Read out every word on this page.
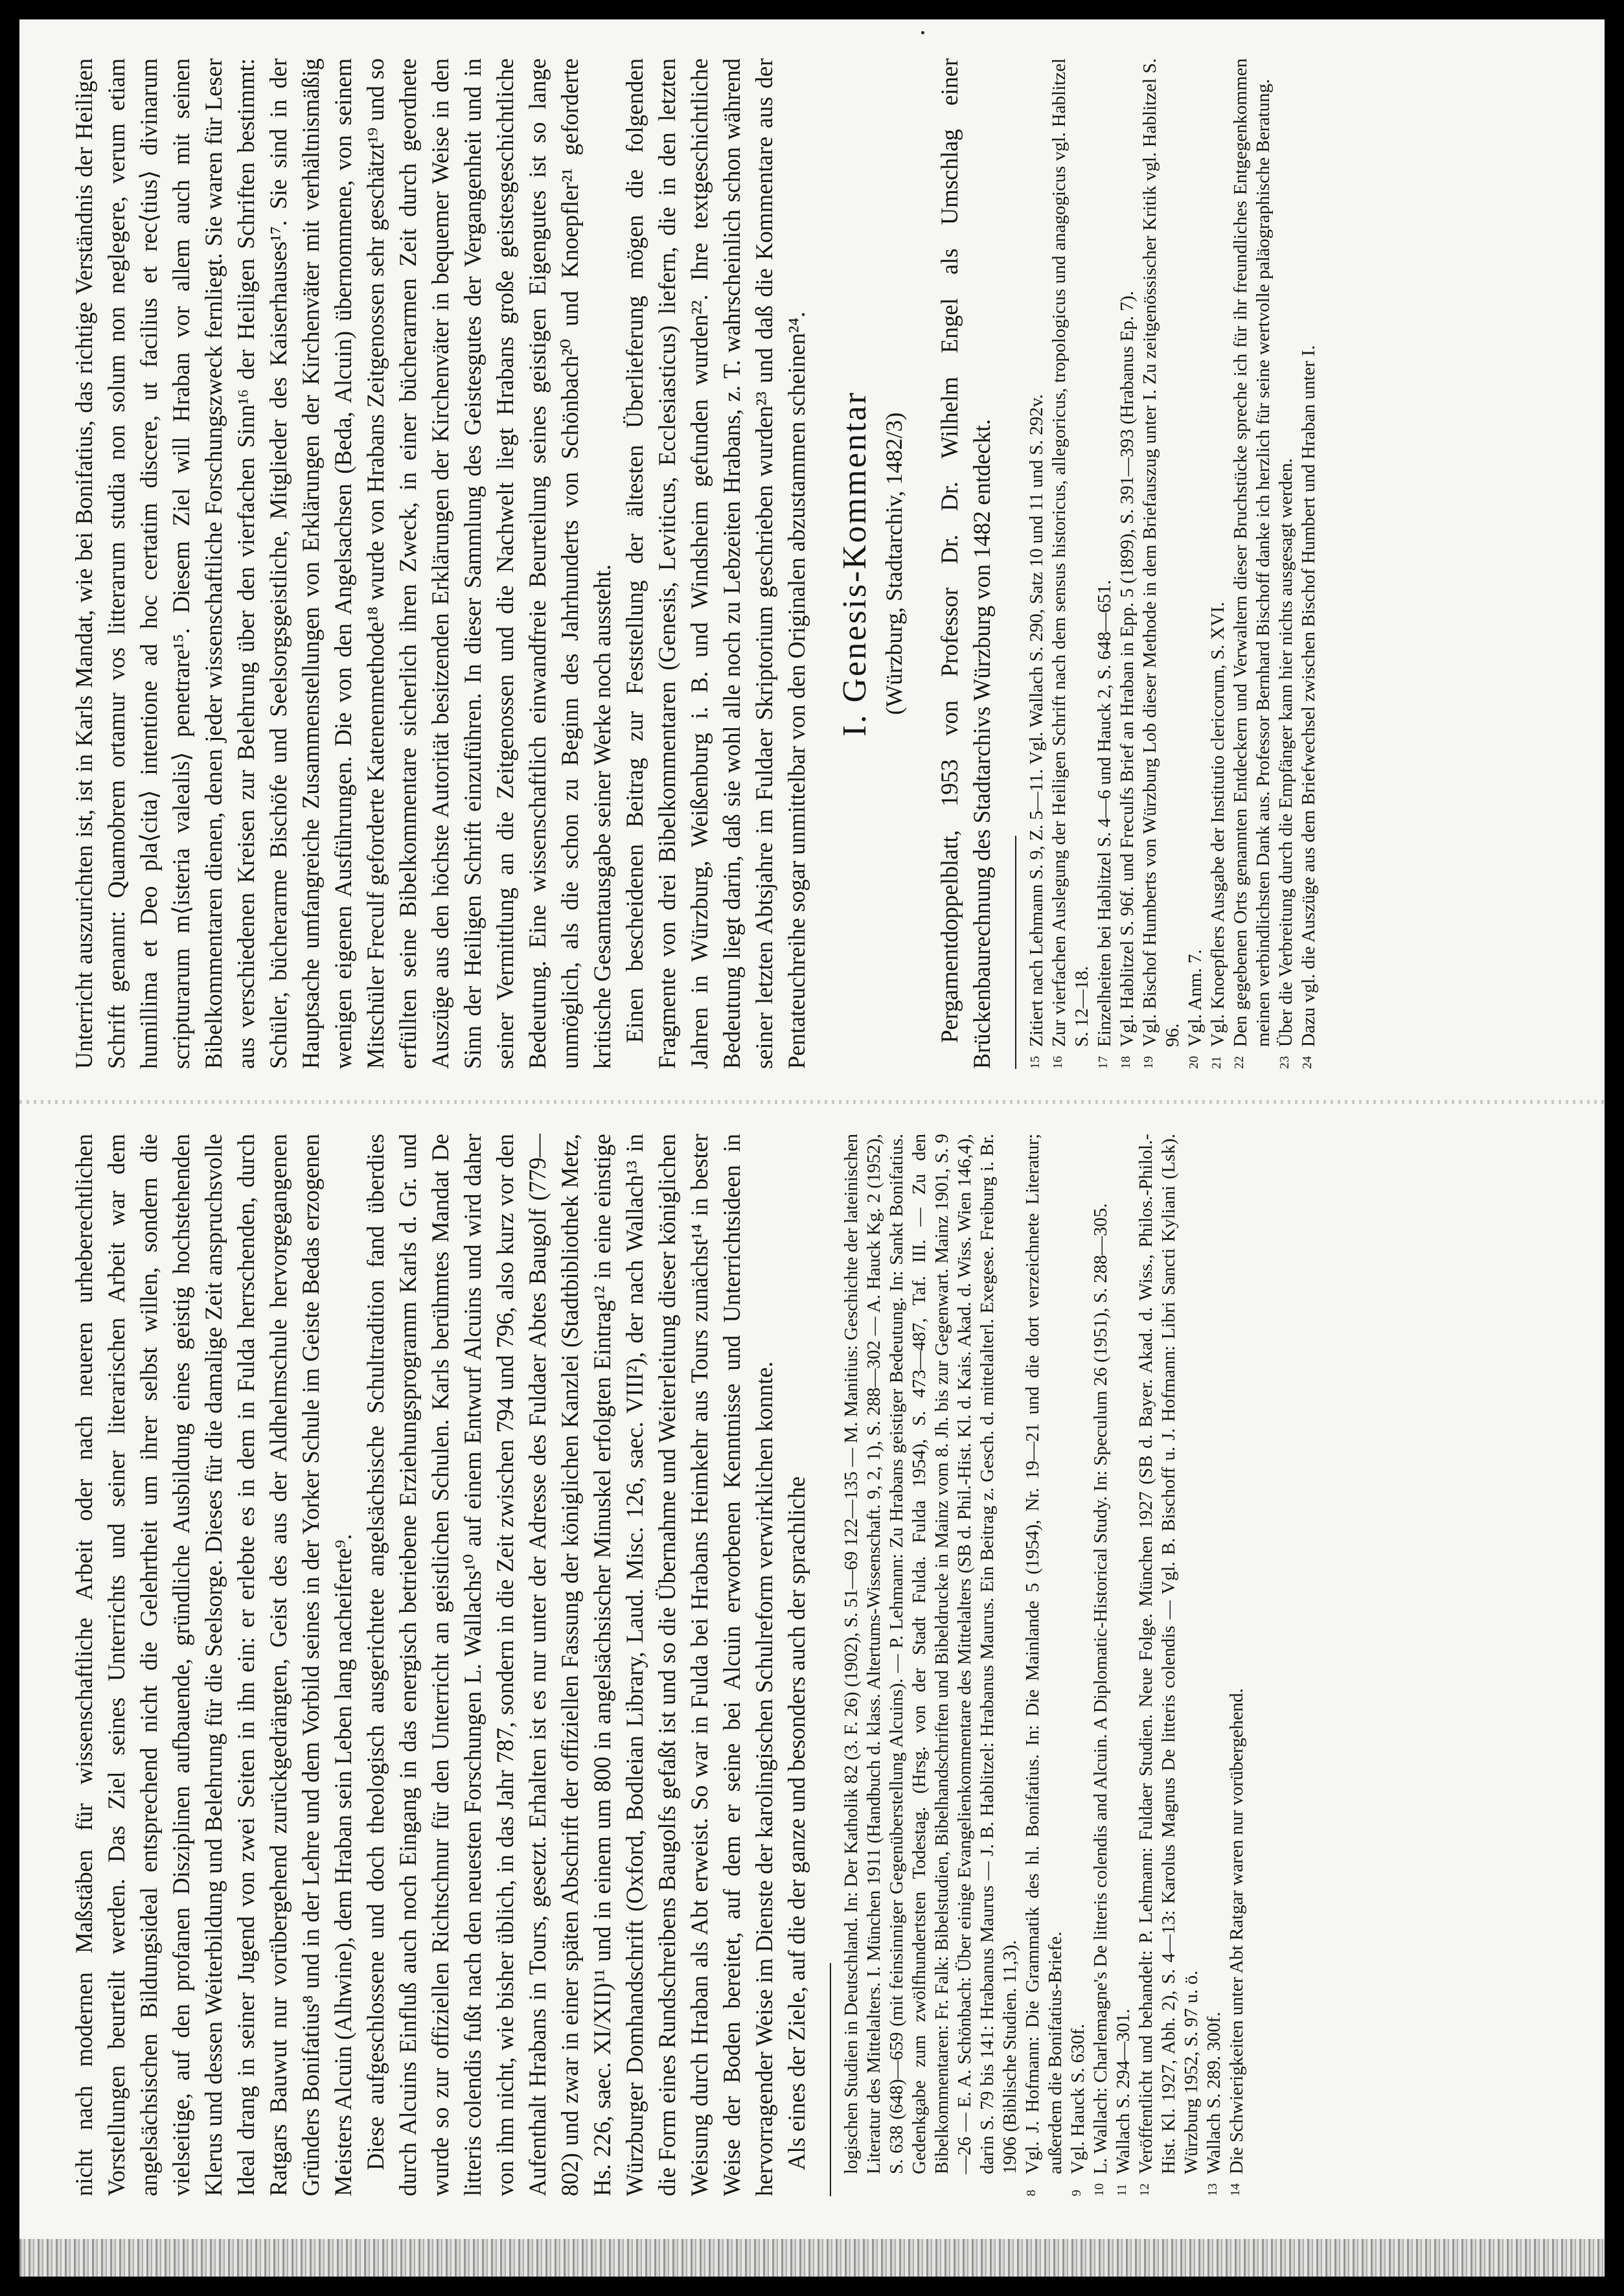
Unterricht auszurichten ist, ist in Karls Mandat, wie bei Bonifatius, das richtige Verständnis der Heiligen Schrift genannt: Quamobrem ortamur vos litterarum studia non solum non neglegere, verum etiam humillima et Deo pla⟨cita⟩ intentione ad hoc certatim discere, ut facilius et rec⟨tius⟩ divinarum scripturarum m⟨isteria valealis⟩ penetrare¹⁵. Diesem Ziel will Hraban vor allem auch mit seinen Bibelkommentaren dienen, denen jeder wissenschaftliche Forschungszweck fernliegt. Sie waren für Leser aus verschiedenen Kreisen zur Belehrung über den vierfachen Sinn¹⁶ der Heiligen Schriften bestimmt: Schüler, bücherarme Bischöfe und Seelsorgsgeistliche, Mitglieder des Kaiserhauses¹⁷. Sie sind in der Hauptsache umfangreiche Zusammenstellungen von Erklärungen der Kirchenväter mit verhältnismäßig wenigen eigenen Ausführungen. Die von den Angelsachsen (Beda, Alcuin) übernommene, von seinem Mitschüler Freculf geforderte Katenenmethode¹⁸ wurde von Hrabans Zeitgenossen sehr geschätzt¹⁹ und so erfüllten seine Bibelkommentare sicherlich ihren Zweck, in einer bücherarmen Zeit durch geordnete Auszüge aus den höchste Autorität besitzenden Erklärungen der Kirchenväter in bequemer Weise in den Sinn der Heiligen Schrift einzuführen. In dieser Sammlung des Geistesgutes der Vergangenheit und in seiner Vermittlung an die Zeitgenossen und die Nachwelt liegt Hrabans große geistesgeschichtliche Bedeutung. Eine wissenschaftlich einwandfreie Beurteilung seines geistigen Eigengutes ist so lange unmöglich, als die schon zu Beginn des Jahrhunderts von Schönbach²⁰ und Knoepfler²¹ geforderte kritische Gesamtausgabe seiner Werke noch aussteht. Einen bescheidenen Beitrag zur Feststellung der ältesten Überlieferung mögen die folgenden Fragmente von drei Bibelkommentaren (Genesis, Leviticus, Ecclesiasticus) liefern, die in den letzten Jahren in Würzburg, Weißenburg i. B. und Windsheim gefunden wurden²². Ihre textgeschichtliche Bedeutung liegt darin, daß sie wohl alle noch zu Lebzeiten Hrabans, z. T. wahrscheinlich schon während seiner letzten Abtsjahre im Fuldaer Skriptorium geschrieben wurden²³ und daß die Kommentare aus der Pentateuchreihe sogar unmittelbar von den Originalen abzustammen scheinen²⁴. I. Genesis-Kommentar (Würzburg, Stadtarchiv, 1482/3) Pergamentdoppelblatt, 1953 von Professor Dr. Dr. Wilhelm Engel als Umschlag einer Brückenbaurechnung des Stadtarchivs Würzburg von 1482 entdeckt.	15
Zitiert nach Lehmann S. 9, Z. 5—11. Vgl. Wallach S. 290, Satz 10 und 11 und S. 292v.
16
Zur vierfachen Auslegung der Heiligen Schrift nach dem sensus historicus, allegoricus, tropologicus und anagogicus vgl. Hablitzel S. 12—18.
17
Einzelheiten bei Hablitzel S. 4—6 und Hauck 2, S. 648—651.
18
Vgl. Hablitzel S. 96f. und Freculfs Brief an Hraban in Epp. 5 (1899), S. 391—393 (Hrabanus Ep. 7).
19
Vgl. Bischof Humberts von Würzburg Lob dieser Methode in dem Briefauszug unter I. Zu zeitgenössischer Kritik vgl. Hablitzel S. 96.
20
Vgl. Anm. 7.
21
Vgl. Knoepflers Ausgabe der Institutio clericorum, S. XVI.
22
Den gegebenen Orts genannten Entdeckern und Verwaltern dieser Bruchstücke spreche ich für ihr freundliches Entgegenkommen meinen verbindlichsten Dank aus. Professor Bernhard Bischoff danke ich herzlich für seine wertvolle paläographische Beratung.
23
Über die Verbreitung durch die Empfänger kann hier nichts ausgesagt werden.
24
Dazu vgl. die Auszüge aus dem Briefwechsel zwischen Bischof Humbert und Hraban unter I.

nicht nach modernen Maßstäben für wissenschaftliche Arbeit oder nach neueren urheberechtlichen Vorstellungen beurteilt werden. Das Ziel seines Unterrichts und seiner literarischen Arbeit war dem angelsächsischen Bildungsideal entsprechend nicht die Gelehrtheit um ihrer selbst willen, sondern die vielseitige, auf den profanen Disziplinen aufbauende, gründliche Ausbildung eines geistig hochstehenden Klerus und dessen Weiterbildung und Belehrung für die Seelsorge. Dieses für die damalige Zeit anspruchsvolle Ideal drang in seiner Jugend von zwei Seiten in ihn ein: er erlebte es in dem in Fulda herrschenden, durch Ratgars Bauwut nur vorübergehend zurückgedrängten, Geist des aus der Aldhelmschule hervorgegangenen Gründers Bonifatius⁸ und in der Lehre und dem Vorbild seines in der Yorker Schule im Geiste Bedas erzogenen Meisters Alcuin (Alhwine), dem Hraban sein Leben lang nacheiferte⁹. Diese aufgeschlossene und doch theologisch ausgerichtete angelsächsische Schultradition fand überdies durch Alcuins Einfluß auch noch Eingang in das energisch betriebene Erziehungsprogramm Karls d. Gr. und wurde so zur offiziellen Richtschnur für den Unterricht an geistlichen Schulen. Karls berühmtes Mandat De litteris colendis fußt nach den neuesten Forschungen L. Wallachs¹⁰ auf einem Entwurf Alcuins und wird daher von ihm nicht, wie bisher üblich, in das Jahr 787, sondern in die Zeit zwischen 794 und 796, also kurz vor den Aufenthalt Hrabans in Tours, gesetzt. Erhalten ist es nur unter der Adresse des Fuldaer Abtes Baugolf (779—802) und zwar in einer späten Abschrift der offiziellen Fassung der königlichen Kanzlei (Stadtbibliothek Metz, Hs. 226, saec. XI/XII)¹¹ und in einem um 800 in angelsächsischer Minuskel erfolgten Eintrag¹² in eine einstige Würzburger Domhandschrift (Oxford, Bodleian Library, Laud. Misc. 126, saec. VIII²), der nach Wallach¹³ in die Form eines Rundschreibens Baugolfs gefaßt ist und so die Übernahme und Weiterleitung dieser königlichen Weisung durch Hraban als Abt erweist. So war in Fulda bei Hrabans Heimkehr aus Tours zunächst¹⁴ in bester Weise der Boden bereitet, auf dem er seine bei Alcuin erworbenen Kenntnisse und Unterrichtsideen in hervorragender Weise im Dienste der karolingischen Schulreform verwirklichen konnte. Als eines der Ziele, auf die der ganze und besonders auch der sprachliche logischen Studien in Deutschland. In: Der Katholik 82 (3. F. 26) (1902), S. 51—69 122—135 — M. Manitius: Geschichte der lateinischen Literatur des Mittelalters. I. München 1911 (Handbuch d. klass. Altertums-Wissenschaft. 9, 2, 1), S. 288—302 — A. Hauck Kg. 2 (1952), S. 638 (648)—659 (mit feinsinniger Gegenüberstellung Alcuins). — P. Lehmann: Zu Hrabans geistiger Bedeutung. In: Sankt Bonifatius. Gedenkgabe zum zwölfhundertsten Todestag. (Hrsg. von der Stadt Fulda. Fulda 1954), S. 473—487, Taf. III. — Zu den Bibelkommentaren: Fr. Falk: Bibelstudien, Bibelhandschriften und Bibeldrucke in Mainz vom 8. Jh. bis zur Gegenwart. Mainz 1901, S. 9—26 — E. A. Schönbach: Über einige Evangelienkommentare des Mittelalters (SB d. Phil.-Hist. Kl. d. Kais. Akad. d. Wiss. Wien 146,4), darin S. 79 bis 141: Hrabanus Maurus — J. B. Hablitzel: Hrabanus Maurus. Ein Beitrag z. Gesch. d. mittelalterl. Exegese. Freiburg i. Br. 1906 (Biblische Studien. 11,3).
8
Vgl. J. Hofmann: Die Grammatik des hl. Bonifatius. In: Die Mainlande 5 (1954), Nr. 19—21 und die dort verzeichnete Literatur; außerdem die Bonifatius-Briefe.
9
Vgl. Hauck S. 630f.
10
L. Wallach: Charlemagne's De litteris colendis and Alcuin. A Diplomatic-Historical Study. In: Speculum 26 (1951), S. 288—305.
11
Wallach S. 294—301.
12
Veröffentlicht und behandelt: P. Lehmann: Fuldaer Studien. Neue Folge. München 1927 (SB d. Bayer. Akad. d. Wiss., Philos.-Philol.-Hist. Kl. 1927, Abh. 2), S. 4—13: Karolus Magnus De litteris colendis — Vgl. B. Bischoff u. J. Hofmann: Libri Sancti Kyliani (Lsk). Würzburg 1952, S. 97 u. ö.
13
Wallach S. 289. 300f.
14
Die Schwierigkeiten unter Abt Ratgar waren nur vorübergehend.
